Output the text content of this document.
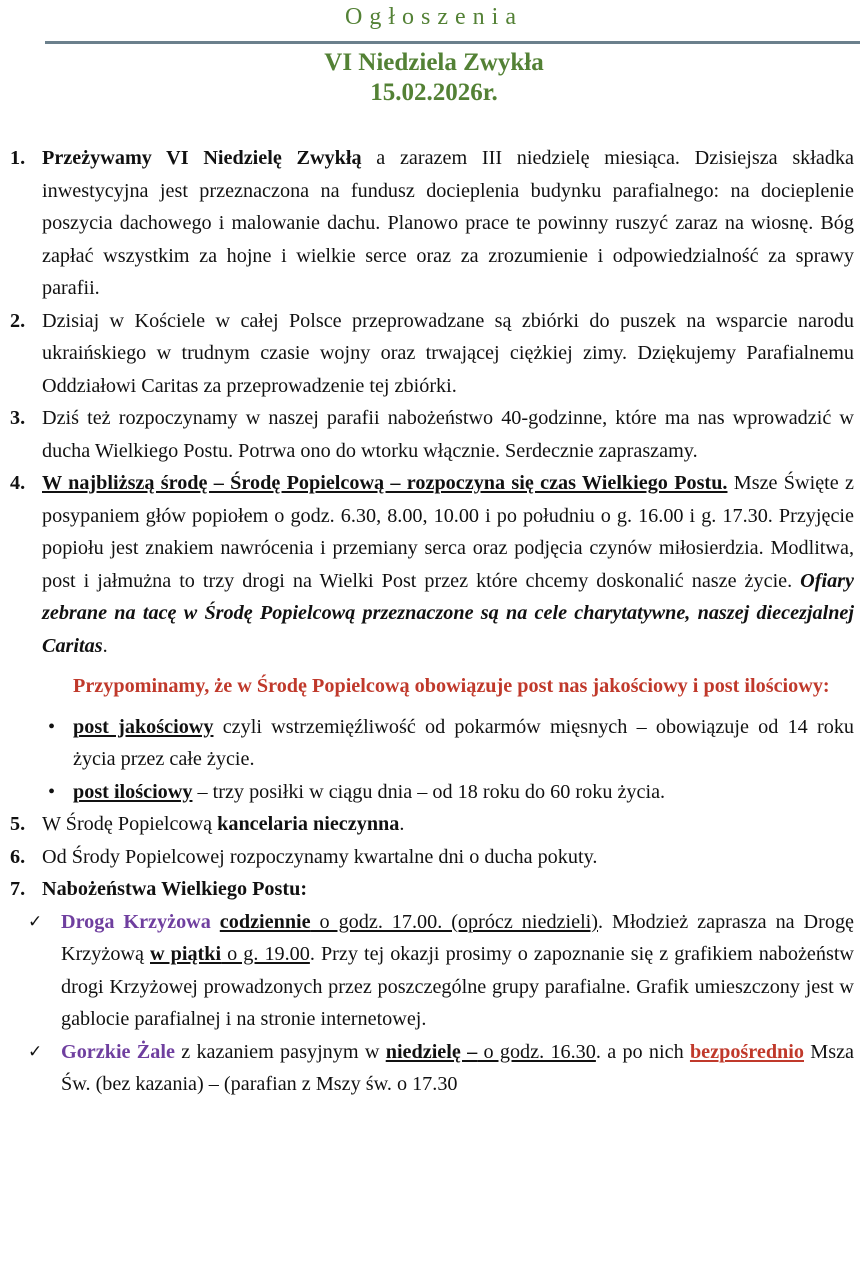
Ogłoszenia
VI Niedziela Zwykła
15.02.2026r.
1. Przeżywamy VI Niedzielę Zwykłą a zarazem III niedzielę miesiąca. Dzisiejsza składka inwestycyjna jest przeznaczona na fundusz docieplenia budynku parafialnego: na docieplenie poszycia dachowego i malowanie dachu. Planowo prace te powinny ruszyć zaraz na wiosnę. Bóg zapłać wszystkim za hojne i wielkie serce oraz za zrozumienie i odpowiedzialność za sprawy parafii.
2. Dzisiaj w Kościele w całej Polsce przeprowadzane są zbiórki do puszek na wsparcie narodu ukraińskiego w trudnym czasie wojny oraz trwającej ciężkiej zimy. Dziękujemy Parafialnemu Oddziałowi Caritas za przeprowadzenie tej zbiórki.
3. Dziś też rozpoczynamy w naszej parafii nabożeństwo 40-godzinne, które ma nas wprowadzić w ducha Wielkiego Postu. Potrwa ono do wtorku włącznie. Serdecznie zapraszamy.
4. W najbliższą środę – Środę Popielcową – rozpoczyna się czas Wielkiego Postu. Msze Święte z posypaniem głów popiołem o godz. 6.30, 8.00, 10.00 i po południu o g. 16.00 i g. 17.30. Przyjęcie popiołu jest znakiem nawrócenia i przemiany serca oraz podjęcia czynów miłosierdzia. Modlitwa, post i jałmużna to trzy drogi na Wielki Post przez które chcemy doskonalić nasze życie. Ofiary zebrane na tacę w Środę Popielcową przeznaczone są na cele charytatywne, naszej diecezjalnej Caritas.
Przypominamy, że w Środę Popielcową obowiązuje post nas jakościowy i post ilościowy:
• post jakościowy czyli wstrzemięźliwość od pokarmów mięsnych – obowiązuje od 14 roku życia przez całe życie.
• post ilościowy – trzy posiłki w ciągu dnia – od 18 roku do 60 roku życia.
5. W Środę Popielcową kancelaria nieczynna.
6. Od Środy Popielcowej rozpoczynamy kwartalne dni o ducha pokuty.
7. Nabożeństwa Wielkiego Postu:
✓ Droga Krzyżowa codziennie o godz. 17.00. (oprócz niedzieli). Młodzież zaprasza na Drogę Krzyżową w piątki o g. 19.00. Przy tej okazji prosimy o zapoznanie się z grafikiem nabożeństw drogi Krzyżowej prowadzonych przez poszczególne grupy parafialne. Grafik umieszczony jest w gablocie parafialnej i na stronie internetowej.
✓ Gorzkie Żale z kazaniem pasyjnym w niedzielę – o godz. 16.30. a po nich bezpośrednio Msza Św. (bez kazania) – (parafian z Mszy św. o 17.30
